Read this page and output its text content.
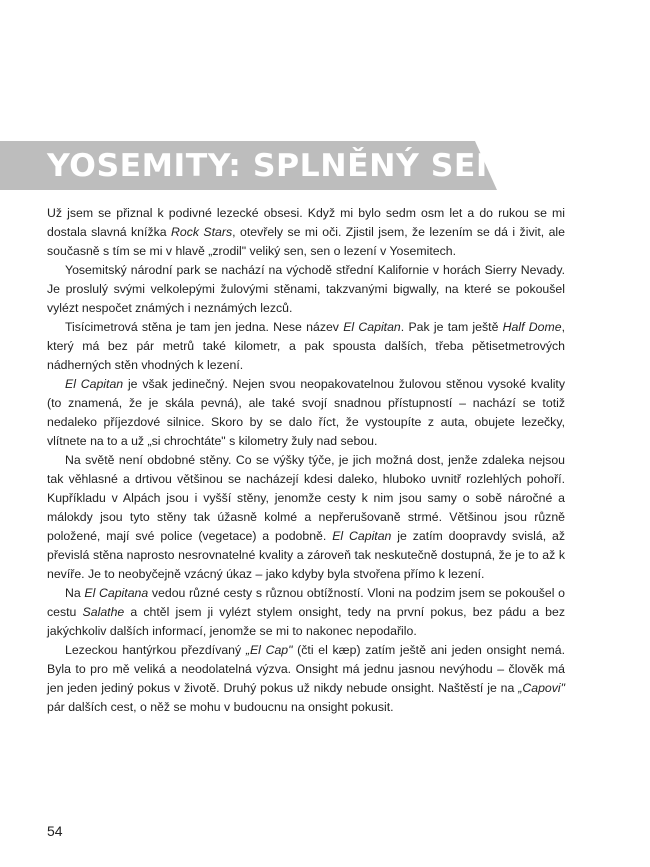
YOSEMITY: SPLNĚNÝ SEN

Už jsem se přiznal k podivné lezecké obsesi. Když mi bylo sedm osm let a do rukou se mi dostala slavná knížka Rock Stars, otevřely se mi oči. Zjistil jsem, že lezením se dá i živit, ale současně s tím se mi v hlavě „zrodil" veliký sen, sen o lezení v Yosemitech.

Yosemitský národní park se nachází na východě střední Kalifornie v horách Sierry Nevady. Je proslulý svými velkolepými žulovými stěnami, takzvanými bigwally, na které se pokoušel vylézt nespočet známých i neznámých lezců.

Tisícimetrová stěna je tam jen jedna. Nese název El Capitan. Pak je tam ještě Half Dome, který má bez pár metrů také kilometr, a pak spousta dalších, třeba pětisetmetrových nádherných stěn vhodných k lezení.

El Capitan je však jedinečný. Nejen svou neopakovatelnou žulovou stěnou vysoké kvality (to znamená, že je skála pevná), ale také svojí snadnou přístupností – nachází se totiž nedaleko příjezdové silnice. Skoro by se dalo říct, že vystoupíte z auta, obujete lezečky, vlítnete na to a už „si chrochtáte" s kilometry žuly nad sebou.

Na světě není obdobné stěny. Co se výšky týče, je jich možná dost, jenže zdaleka nejsou tak věhlasné a drtivou většinou se nacházejí kdesi daleko, hluboko uvnitř rozlehlých pohoří. Kupříkladu v Alpách jsou i vyšší stěny, jenomže cesty k nim jsou samy o sobě náročné a málokdy jsou tyto stěny tak úžasně kolmé a nepřerušovaně strmé. Většinou jsou různě položené, mají své police (vegetace) a podobně. El Capitan je zatím doopravdy svislá, až převislá stěna naprosto nesrovnatelné kvality a zároveň tak neskutečně dostupná, že je to až k nevíře. Je to neobyčejně vzácný úkaz – jako kdyby byla stvořena přímo k lezení.

Na El Capitana vedou různé cesty s různou obtížností. Vloni na podzim jsem se pokoušel o cestu Salathe a chtěl jsem ji vylézt stylem onsight, tedy na první pokus, bez pádu a bez jakýchkoliv dalších informací, jenomže se mi to nakonec nepodařilo.

Lezeckou hantýrkou přezdívaný „El Cap" (čti el kæp) zatím ještě ani jeden onsight nemá. Byla to pro mě veliká a neodolatelná výzva. Onsight má jednu jasnou nevýhodu – člověk má jen jeden jediný pokus v životě. Druhý pokus už nikdy nebude onsight. Naštěstí je na „Capovi" pár dalších cest, o něž se mohu v budoucnu na onsight pokusit.

54
